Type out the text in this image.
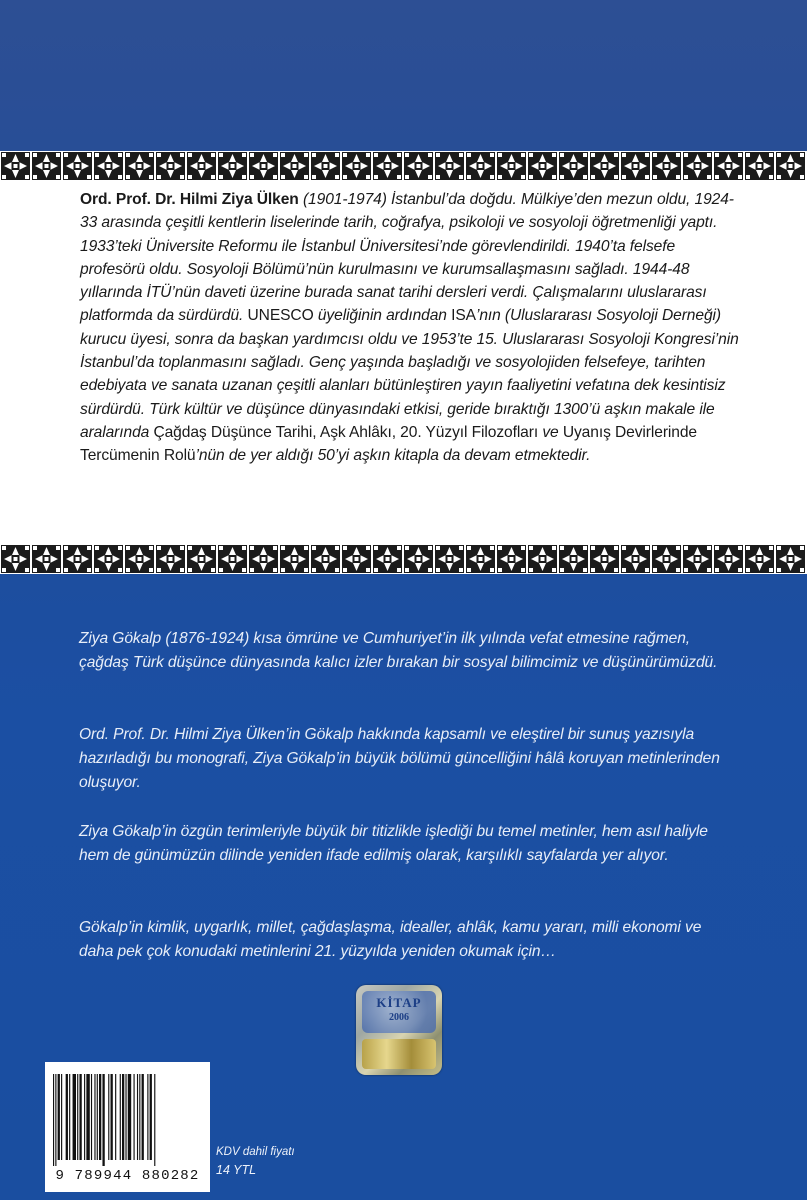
Ord. Prof. Dr. Hilmi Ziya Ülken (1901-1974) İstanbul’da doğdu. Mülkiye’den mezun oldu, 1924-33 arasında çeşitli kentlerin liselerinde tarih, coğrafya, psikoloji ve sosyoloji öğretmenliği yaptı. 1933’teki Üniversite Reformu ile İstanbul Üniversitesi’nde görevlendirildi. 1940’ta felsefe profesörü oldu. Sosyoloji Bölümü’nün kurulmasını ve kurumsallaşmasını sağladı. 1944-48 yıllarında İTÜ’nün daveti üzerine burada sanat tarihi dersleri verdi. Çalışmalarını uluslararası platformda da sürdürdü. UNESCO üyeliğinin ardından ISA’nın (Uluslararası Sosyoloji Derneği) kurucu üyesi, sonra da başkan yardımcısı oldu ve 1953’te 15. Uluslararası Sosyoloji Kongresi’nin İstanbul’da toplanmasını sağladı. Genç yaşında başladığı ve sosyolojiden felsefeye, tarihten edebiyata ve sanata uzanan çeşitli alanları bütünleştiren yayın faaliyetini vefatına dek kesintisiz sürdürdü. Türk kültür ve düşünce dünyasındaki etkisi, geride bıraktığı 1300’ü aşkın makale ile aralarında Çağdaş Düşünce Tarihi, Aşk Ahlâkı, 20. Yüzyıl Filozofları ve Uyanış Devirlerinde Tercümenin Rolü’nün de yer aldığı 50’yi aşkın kitapla da devam etmektedir.

Ziya Gökalp (1876-1924) kısa ömrüne ve Cumhuriyet’in ilk yılında vefat etmesine rağmen, çağdaş Türk düşünce dünyasında kalıcı izler bırakan bir sosyal bilimcimiz ve düşünürümüzdü.

Ord. Prof. Dr. Hilmi Ziya Ülken’in Gökalp hakkında kapsamlı ve eleştirel bir sunuş yazısıyla hazırladığı bu monografi, Ziya Gökalp’in büyük bölümü güncelliğini hâlâ koruyan metinlerinden oluşuyor.

Ziya Gökalp’in özgün terimleriyle büyük bir titizlikle işlediği bu temel metinler, hem asıl haliyle hem de günümüzün dilinde yeniden ifade edilmiş olarak, karşılıklı sayfalarda yer alıyor.

Gökalp’in kimlik, uygarlık, millet, çağdaşlaşma, idealler, ahlâk, kamu yararı, milli ekonomi ve daha pek çok konudaki metinlerini 21. yüzyılda yeniden okumak için…

KİTAP
2006
9 789944 880282
KDV dahil fiyatı
14 YTL
